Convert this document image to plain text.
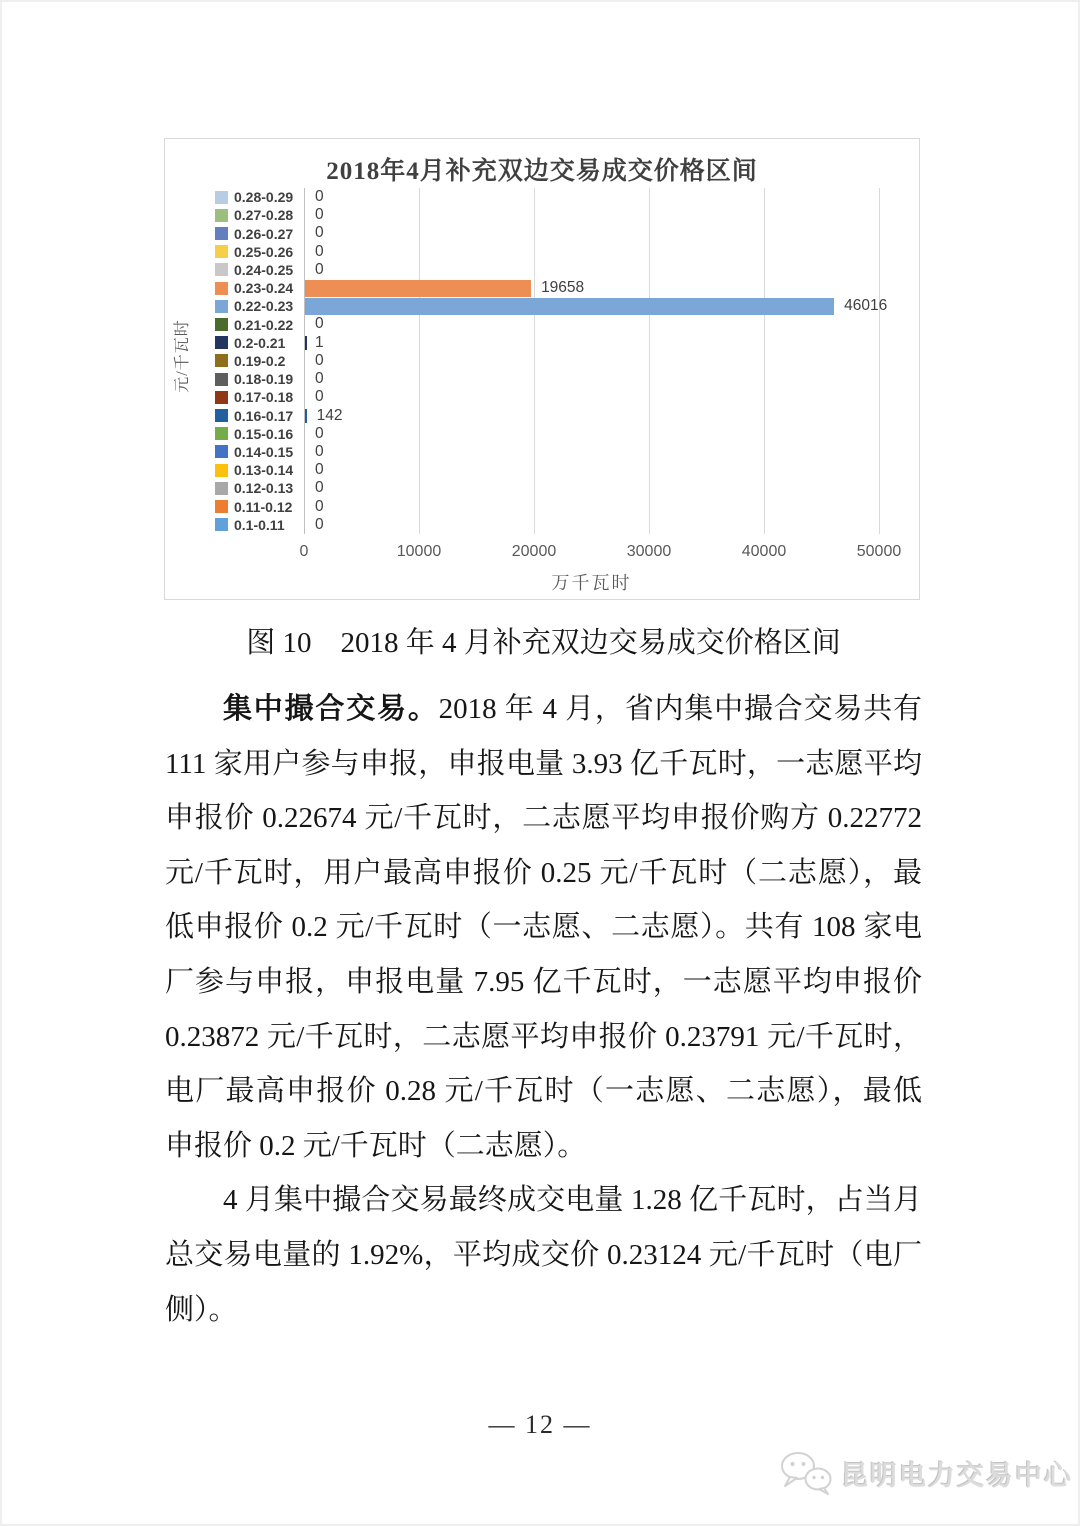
2018年4月补充双边交易成交价格区间
元/千瓦时
0.28-0.29
0.27-0.28
0.26-0.27
0.25-0.26
0.24-0.25
0.23-0.24
0.22-0.23
0.21-0.22
0.2-0.21
0.19-0.2
0.18-0.19
0.17-0.18
0.16-0.17
0.15-0.16
0.14-0.15
0.13-0.14
0.12-0.13
0.11-0.12
0.1-0.11
0
0
0
0
0
19658
46016
0
1
0
0
0
142
0
0
0
0
0
0
0	10000	20000	30000	40000	50000
万千瓦时
图 10　2018 年 4 月补充双边交易成交价格区间
集中撮合交易。2018 年 4 月，省内集中撮合交易共有
111 家用户参与申报，申报电量 3.93 亿千瓦时，一志愿平均
申报价 0.22674 元/千瓦时，二志愿平均申报价购方 0.22772
元/千瓦时，用户最高申报价 0.25 元/千瓦时（二志愿），最
低申报价 0.2 元/千瓦时（一志愿、二志愿）。共有 108 家电
厂参与申报，申报电量 7.95 亿千瓦时，一志愿平均申报价
0.23872 元/千瓦时，二志愿平均申报价 0.23791 元/千瓦时，
电厂最高申报价 0.28 元/千瓦时（一志愿、二志愿），最低
申报价 0.2 元/千瓦时（二志愿）。
4 月集中撮合交易最终成交电量 1.28 亿千瓦时，占当月
总交易电量的 1.92%，平均成交价 0.23124 元/千瓦时（电厂
侧）。
— 12 —
昆明电力交易中心
